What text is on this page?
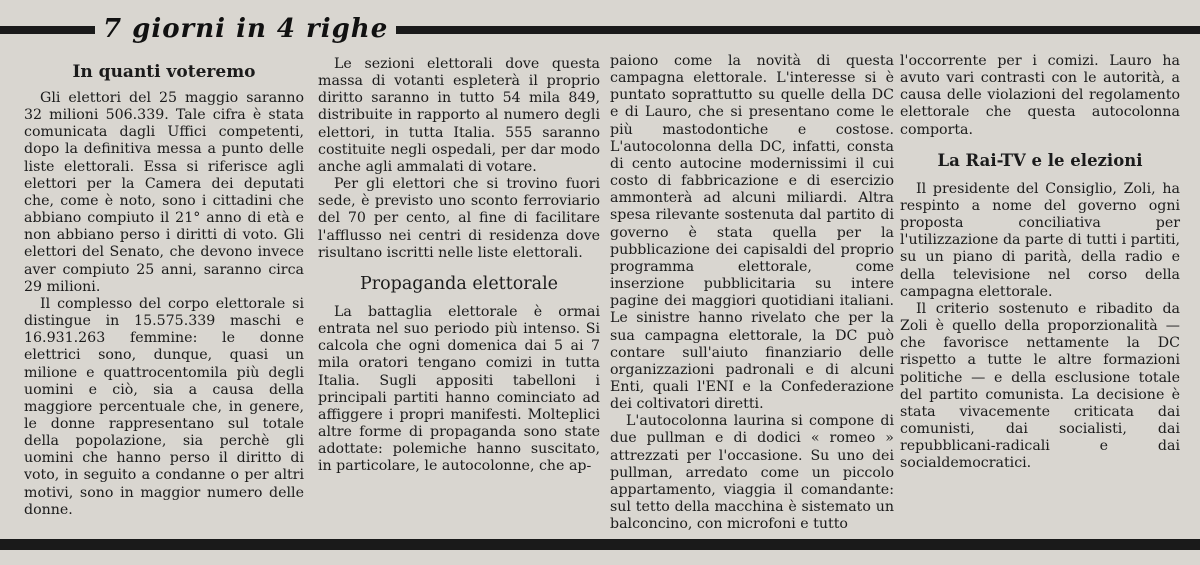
7 giorni in 4 righe
In quanti voteremo

Gli elettori del 25 maggio saranno 32 milioni 506.339. Tale cifra è stata comunicata dagli Uffici competenti, dopo la definitiva messa a punto delle liste elettorali. Essa si riferisce agli elettori per la Camera dei deputati che, come è noto, sono i cittadini che abbiano compiuto il 21° anno di età e non abbiano perso i diritti di voto. Gli elettori del Senato, che devono invece aver compiuto 25 anni, saranno circa 29 milioni.

Il complesso del corpo elettorale si distingue in 15.575.339 maschi e 16.931.263 femmine: le donne elettrici sono, dunque, quasi un milione e quattrocentomila più degli uomini e ciò, sia a causa della maggiore percentuale che, in genere, le donne rappresentano sul totale della popolazione, sia perchè gli uomini che hanno perso il diritto di voto, in seguito a condanne o per altri motivi, sono in maggior numero delle donne.

Le sezioni elettorali dove questa massa di votanti espleterà il proprio diritto saranno in tutto 54 mila 849, distribuite in rapporto al numero degli elettori, in tutta Italia. 555 saranno costituite negli ospedali, per dar modo anche agli ammalati di votare.

Per gli elettori che si trovino fuori sede, è previsto uno sconto ferroviario del 70 per cento, al fine di facilitare l'afflusso nei centri di residenza dove risultano iscritti nelle liste elettorali.

Propaganda elettorale

La battaglia elettorale è ormai entrata nel suo periodo più intenso. Si calcola che ogni domenica dai 5 ai 7 mila oratori tengano comizi in tutta Italia. Sugli appositi tabelloni i principali partiti hanno cominciato ad affiggere i propri manifesti. Molteplici altre forme di propaganda sono state adottate: polemiche hanno suscitato, in particolare, le autocolonne, che ap-

paiono come la novità di questa campagna elettorale. L'interesse si è puntato soprattutto su quelle della DC e di Lauro, che si presentano come le più mastodontiche e costose. L'autocolonna della DC, infatti, consta di cento autocine modernissimi il cui costo di fabbricazione e di esercizio ammonterà ad alcuni miliardi. Altra spesa rilevante sostenuta dal partito di governo è stata quella per la pubblicazione dei capisaldi del proprio programma elettorale, come inserzione pubblicitaria su intere pagine dei maggiori quotidiani italiani. Le sinistre hanno rivelato che per la sua campagna elettorale, la DC può contare sull'aiuto finanziario delle organizzazioni padronali e di alcuni Enti, quali l'ENI e la Confederazione dei coltivatori diretti.

L'autocolonna laurina si compone di due pullman e di dodici « romeo » attrezzati per l'occasione. Su uno dei pullman, arredato come un piccolo appartamento, viaggia il comandante: sul tetto della macchina è sistemato un balconcino, con microfoni e tutto

l'occorrente per i comizi. Lauro ha avuto vari contrasti con le autorità, a causa delle violazioni del regolamento elettorale che questa autocolonna comporta.

La Rai-TV e le elezioni

Il presidente del Consiglio, Zoli, ha respinto a nome del governo ogni proposta conciliativa per l'utilizzazione da parte di tutti i partiti, su un piano di parità, della radio e della televisione nel corso della campagna elettorale.

Il criterio sostenuto e ribadito da Zoli è quello della proporzionalità — che favorisce nettamente la DC rispetto a tutte le altre formazioni politiche — e della esclusione totale del partito comunista. La decisione è stata vivacemente criticata dai comunisti, dai socialisti, dai repubblicani-radicali e dai socialdemocratici.
